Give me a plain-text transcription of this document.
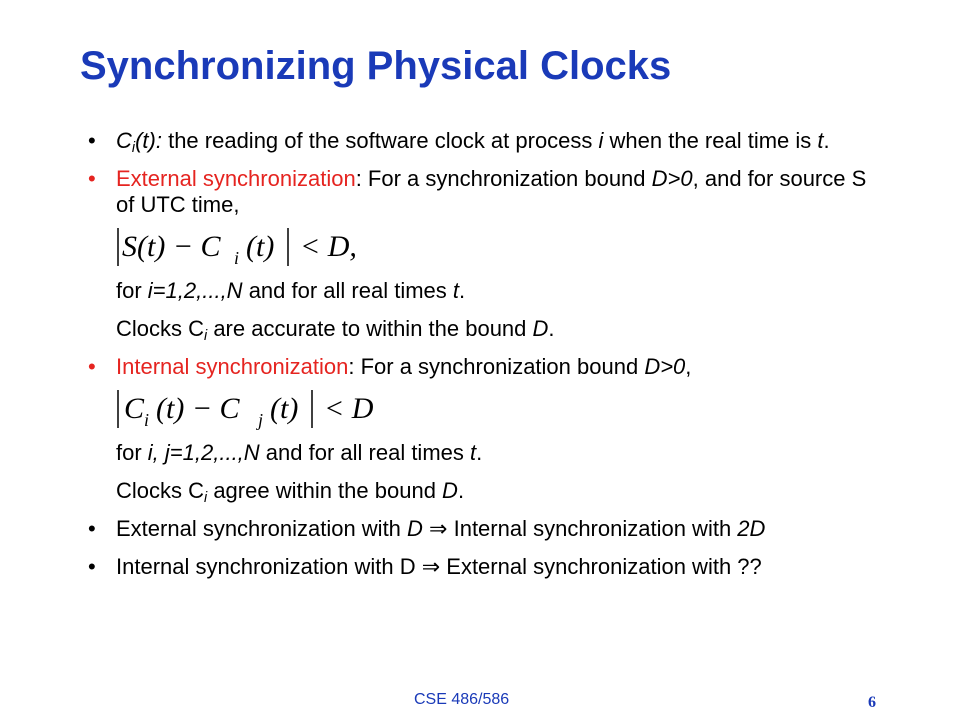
Synchronizing Physical Clocks
• $C_i(t)$: the reading of the software clock at process i when the real time is t.
• External synchronization: For a synchronization bound D>0, and for source S of UTC time,
S(t) − C i (t) < D,
for i=1,2,...,N and for all real times t.
Clocks $C_i$ are accurate to within the bound D.
• Internal synchronization: For a synchronization bound D>0,
C i (t) − C j (t) < D
for i, j=1,2,...,N and for all real times t.
Clocks $C_i$ agree within the bound D.
• External synchronization with D ⇒ Internal synchronization with 2D
• Internal synchronization with D ⇒ External synchronization with ??
CSE 486/586	6
